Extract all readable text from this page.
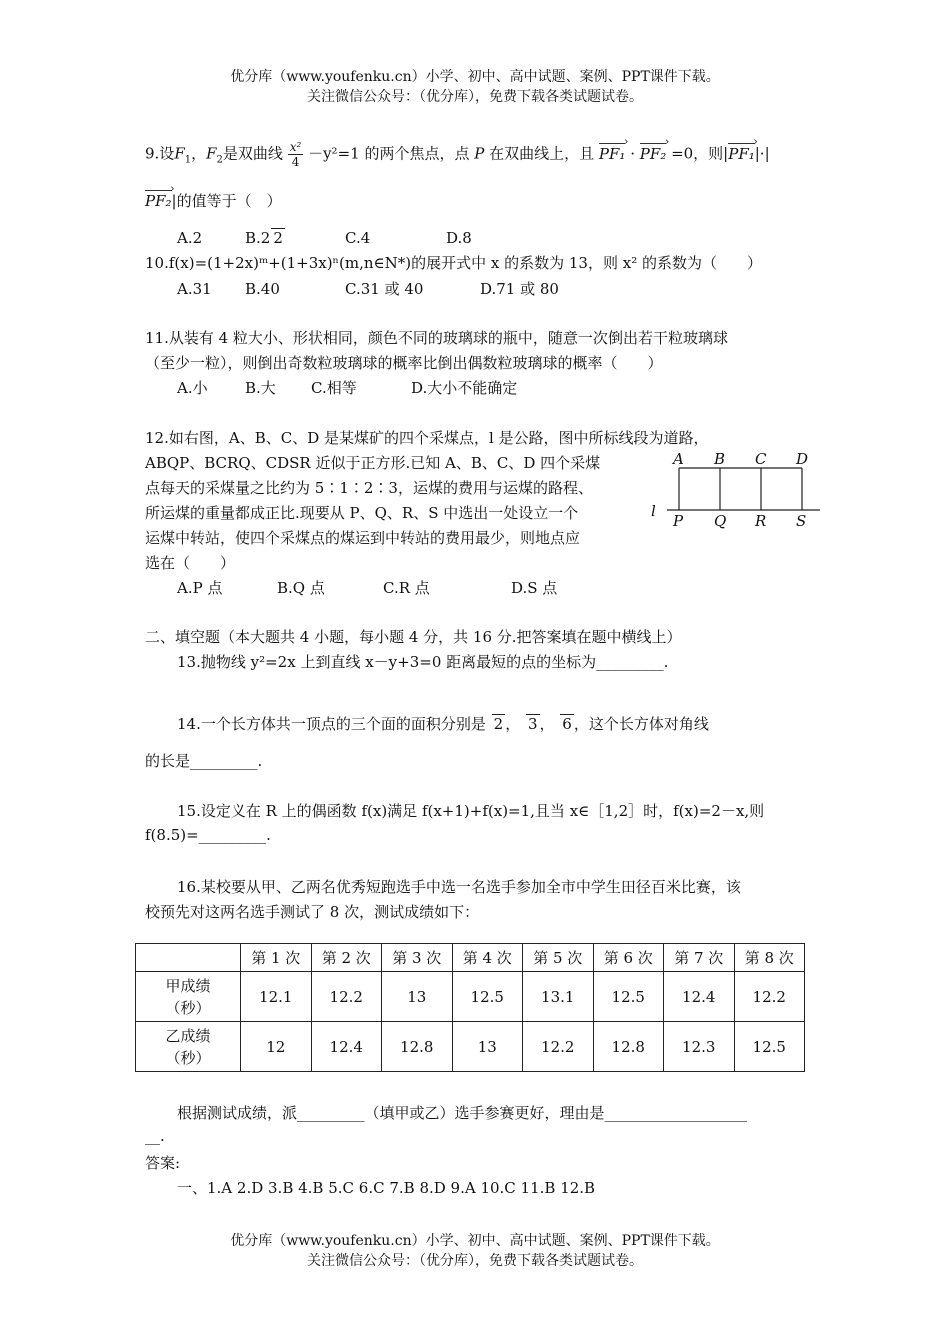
优分库（www.youfenku.cn）小学、初中、高中试题、案例、PPT课件下载。
关注微信公众号：（优分库），免费下载各类试题试卷。
9.设$F_1$，$F_2$是双曲线 $\frac{\text{x²}}{4} -y^2=1$ 的两个焦点，点 P 在双曲线上，且 PF₁ › · PF₂ › =0，则|PF₁ ›|·|
PF₂ ›|的值等于（　）
A.2	B.2 2	C.4	D.8
10.f(x)=(1+2x)ᵐ+(1+3x)ⁿ(m,n∈N*)的展开式中 x 的系数为 13，则 x² 的系数为（　　）
A.31 B.40	C.31 或 40	D.71 或 80
11.从装有 4 粒大小、形状相同，颜色不同的玻璃球的瓶中，随意一次倒出若干粒玻璃球
（至少一粒），则倒出奇数粒玻璃球的概率比倒出偶数粒玻璃球的概率（　　）
A.小 B.大 C.相等	D.大小不能确定
12.如右图，A、B、C、D 是某煤矿的四个采煤点，l 是公路，图中所标线段为道路，
ABQP、BCRQ、CDSR 近似于正方形.已知 A、B、C、D 四个采煤
点每天的采煤量之比约为 5∶1∶2∶3，运煤的费用与运煤的路程、
所运煤的重量都成正比.现要从 P、Q、R、S 中选出一处设立一个
运煤中转站，使四个采煤点的煤运到中转站的费用最少，则地点应
选在（　　）
A B C D
P Q R S
l
A.P 点	B.Q 点	C.R 点	D.S 点
二、填空题（本大题共 4 小题，每小题 4 分，共 16 分.把答案填在题中横线上）
13.抛物线 y²=2x 上到直线 x－y+3=0 距离最短的点的坐标为_________.
14.一个长方体共一顶点的三个面的面积分别是 2 ， 3 ， 6 ，这个长方体对角线
的长是_________.
15.设定义在 R 上的偶函数 f(x)满足 f(x+1)+f(x)=1,且当 x∈［1,2］时，f(x)=2－x,则
f(8.5)=_________.
16.某校要从甲、乙两名优秀短跑选手中选一名选手参加全市中学生田径百米比赛，该
校预先对这两名选手测试了 8 次，测试成绩如下：
	第 1 次	第 2 次	第 3 次	第 4 次	第 5 次	第 6 次	第 7 次	第 8 次

甲成绩
（秒）	12.1	12.2	13	12.5	13.1	12.5	12.4	12.2

乙成绩
（秒）	12	12.4	12.8	13	12.2	12.8	12.3	12.5
根据测试成绩，派_________（填甲或乙）选手参赛更好，理由是___________________
__.
答案:
一、1.A 2.D 3.B 4.B 5.C 6.C 7.B 8.D 9.A 10.C 11.B 12.B
优分库（www.youfenku.cn）小学、初中、高中试题、案例、PPT课件下载。
关注微信公众号：（优分库），免费下载各类试题试卷。
